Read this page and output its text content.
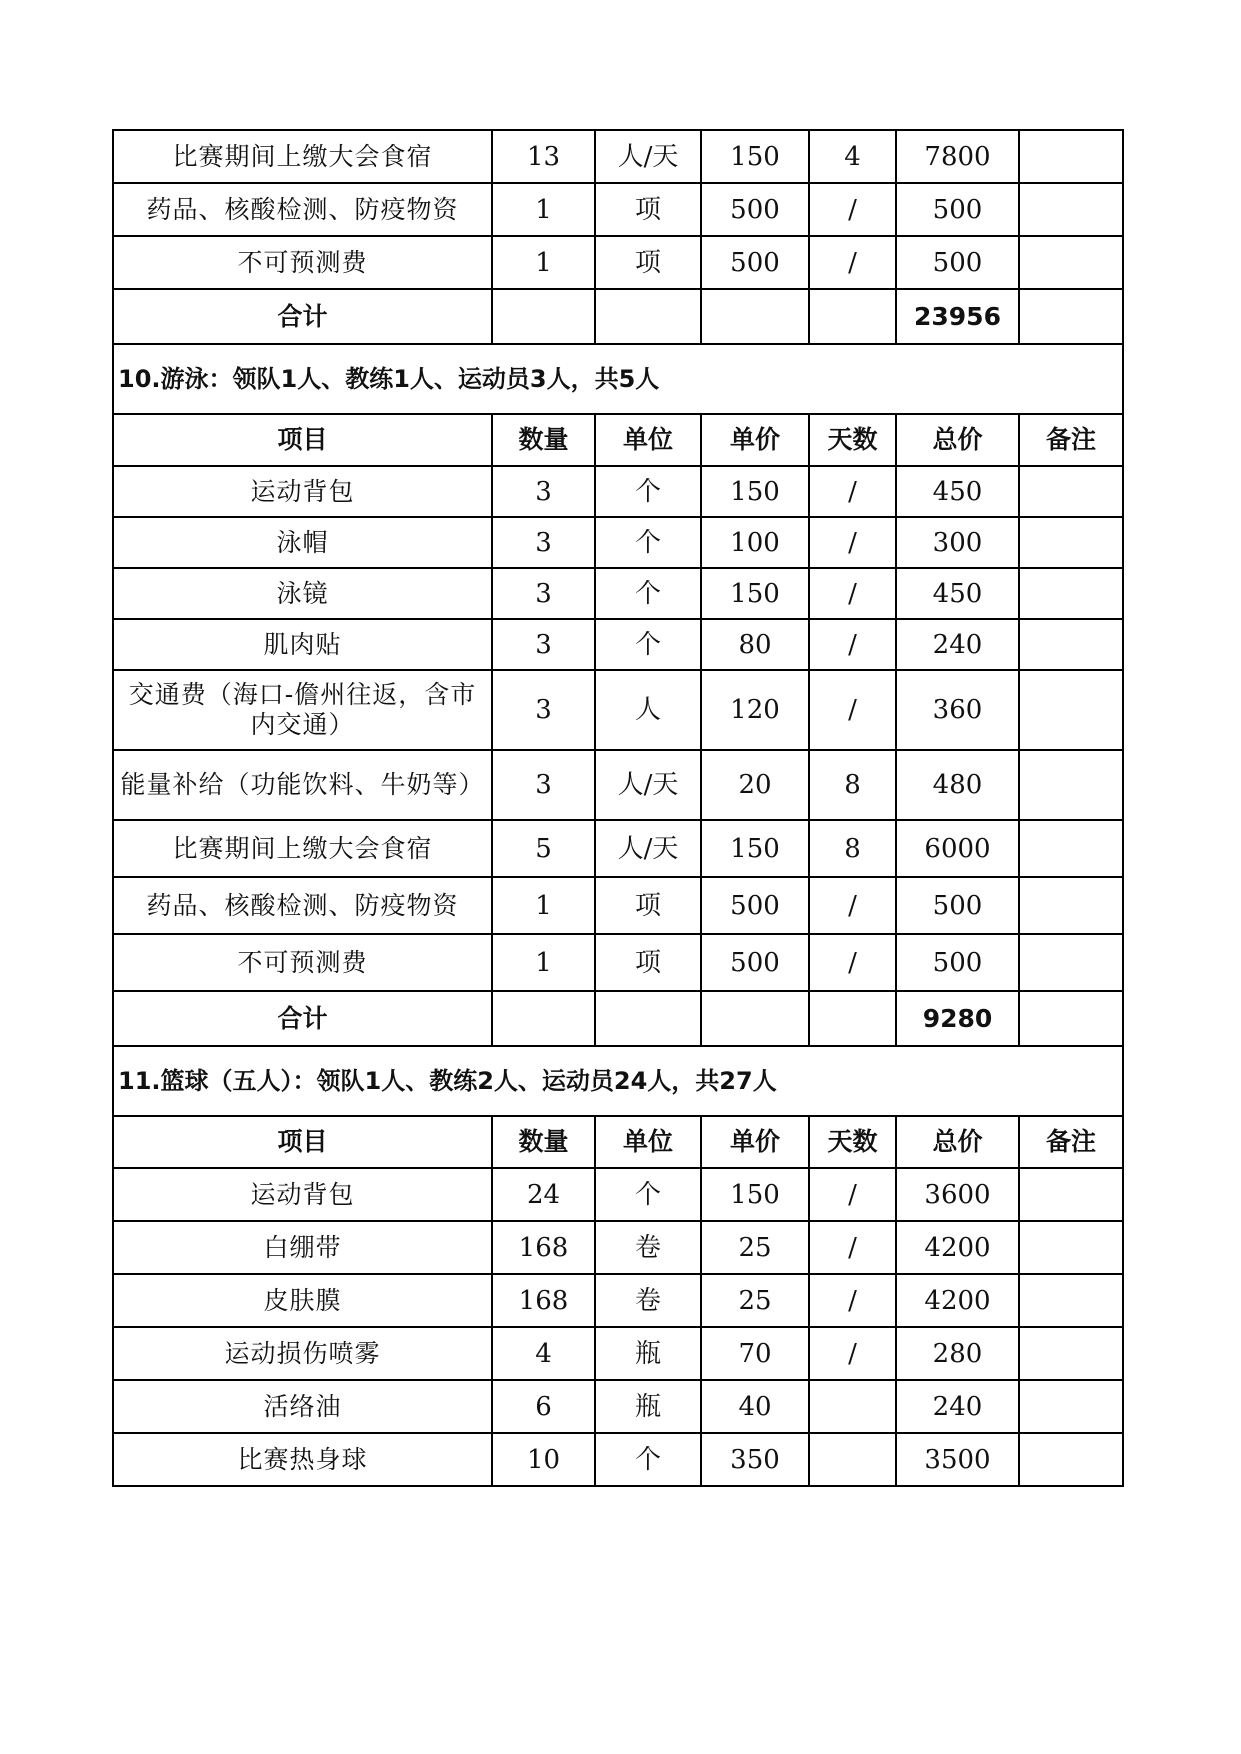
比赛期间上缴大会食宿	13	人/天	150	4	7800	
药品、核酸检测、防疫物资	1	项	500	/	500	
不可预测费	1	项	500	/	500	
合计					23956	
10.游泳：领队1人、教练1人、运动员3人，共5人						
项目	数量	单位	单价	天数	总价	备注
运动背包	3	个	150	/	450	
泳帽	3	个	100	/	300	
泳镜	3	个	150	/	450	
肌肉贴	3	个	80	/	240	
交通费（海口-儋州往返，含市内交通）	3	人	120	/	360	
能量补给（功能饮料、牛奶等）	3	人/天	20	8	480	
比赛期间上缴大会食宿	5	人/天	150	8	6000	
药品、核酸检测、防疫物资	1	项	500	/	500	
不可预测费	1	项	500	/	500	
合计					9280	
11.篮球（五人）：领队1人、教练2人、运动员24人，共27人						
项目	数量	单位	单价	天数	总价	备注
运动背包	24	个	150	/	3600	
白绷带	168	卷	25	/	4200	
皮肤膜	168	卷	25	/	4200	
运动损伤喷雾	4	瓶	70	/	280	
活络油	6	瓶	40		240	
比赛热身球	10	个	350		3500	
